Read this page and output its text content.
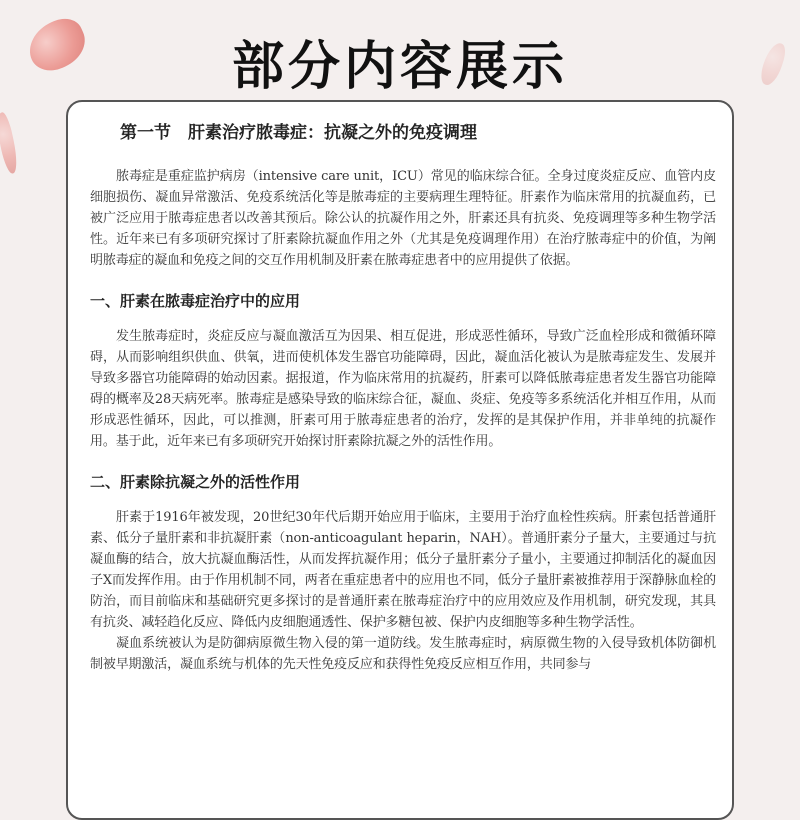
部分内容展示
第一节　肝素治疗脓毒症：抗凝之外的免疫调理

脓毒症是重症监护病房（intensive care unit，ICU）常见的临床综合征。全身过度炎症反应、血管内皮细胞损伤、凝血异常激活、免疫系统活化等是脓毒症的主要病理生理特征。肝素作为临床常用的抗凝血药，已被广泛应用于脓毒症患者以改善其预后。除公认的抗凝作用之外，肝素还具有抗炎、免疫调理等多种生物学活性。近年来已有多项研究探讨了肝素除抗凝血作用之外（尤其是免疫调理作用）在治疗脓毒症中的价值，为阐明脓毒症的凝血和免疫之间的交互作用机制及肝素在脓毒症患者中的应用提供了依据。

一、肝素在脓毒症治疗中的应用

发生脓毒症时，炎症反应与凝血激活互为因果、相互促进，形成恶性循环，导致广泛血栓形成和微循环障碍，从而影响组织供血、供氧，进而使机体发生器官功能障碍，因此，凝血活化被认为是脓毒症发生、发展并导致多器官功能障碍的始动因素。据报道，作为临床常用的抗凝药，肝素可以降低脓毒症患者发生器官功能障碍的概率及28天病死率。脓毒症是感染导致的临床综合征，凝血、炎症、免疫等多系统活化并相互作用，从而形成恶性循环，因此，可以推测，肝素可用于脓毒症患者的治疗，发挥的是其保护作用，并非单纯的抗凝作用。基于此，近年来已有多项研究开始探讨肝素除抗凝之外的活性作用。

二、肝素除抗凝之外的活性作用

肝素于1916年被发现，20世纪30年代后期开始应用于临床，主要用于治疗血栓性疾病。肝素包括普通肝素、低分子量肝素和非抗凝肝素（non-anticoagulant heparin，NAH）。普通肝素分子量大，主要通过与抗凝血酶的结合，放大抗凝血酶活性，从而发挥抗凝作用；低分子量肝素分子量小，主要通过抑制活化的凝血因子X而发挥作用。由于作用机制不同，两者在重症患者中的应用也不同，低分子量肝素被推荐用于深静脉血栓的防治，而目前临床和基础研究更多探讨的是普通肝素在脓毒症治疗中的应用效应及作用机制，研究发现，其具有抗炎、减轻趋化反应、降低内皮细胞通透性、保护多糖包被、保护内皮细胞等多种生物学活性。

凝血系统被认为是防御病原微生物入侵的第一道防线。发生脓毒症时，病原微生物的入侵导致机体防御机制被早期激活，凝血系统与机体的先天性免疫反应和获得性免疫反应相互作用，共同参与
